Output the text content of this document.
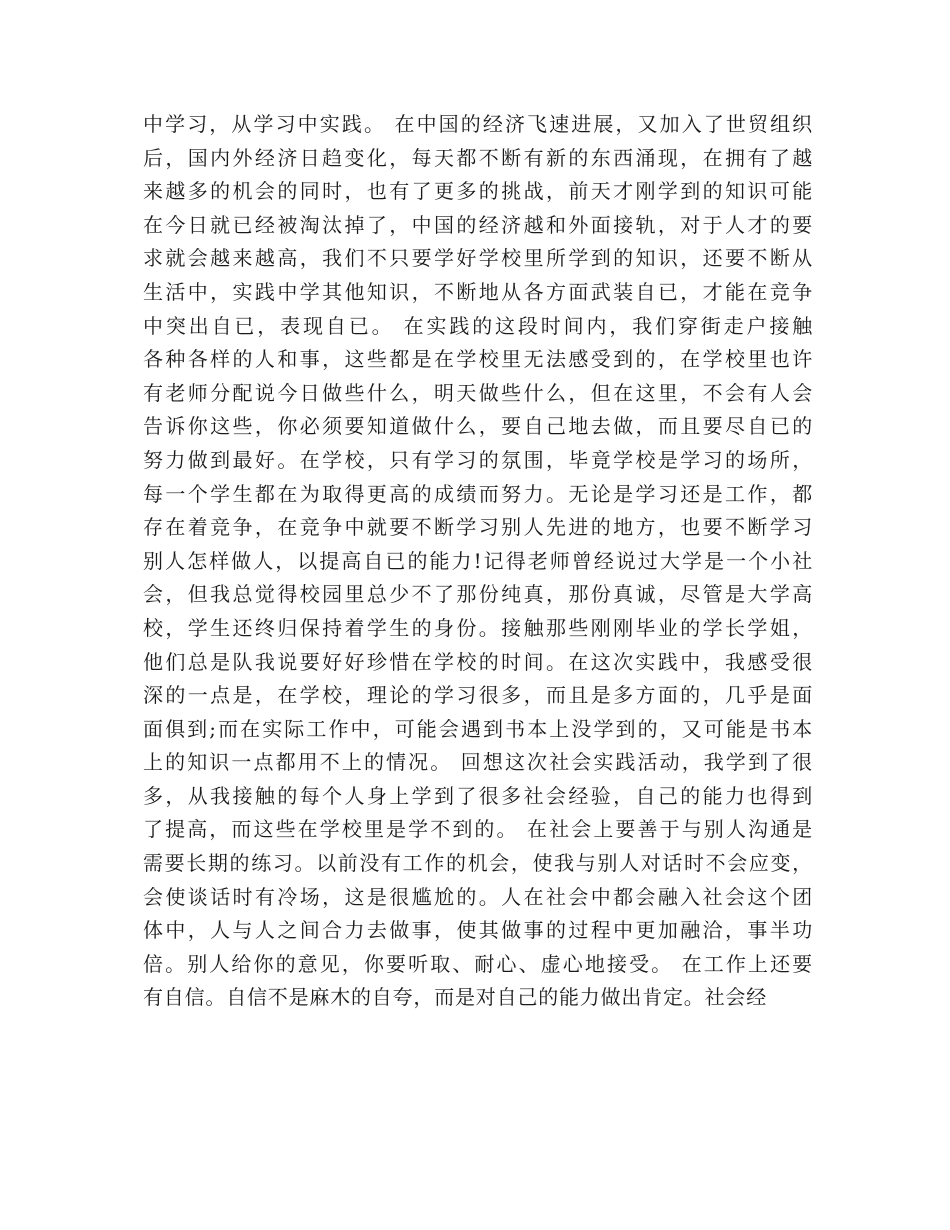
中学习，从学习中实践。 在中国的经济飞速进展，又加入了世贸组织
后，国内外经济日趋变化，每天都不断有新的东西涌现，在拥有了越
来越多的机会的同时，也有了更多的挑战，前天才刚学到的知识可能
在今日就已经被淘汰掉了，中国的经济越和外面接轨，对于人才的要
求就会越来越高，我们不只要学好学校里所学到的知识，还要不断从
生活中，实践中学其他知识，不断地从各方面武装自已，才能在竞争
中突出自已，表现自已。 在实践的这段时间内，我们穿街走户接触
各种各样的人和事，这些都是在学校里无法感受到的，在学校里也许
有老师分配说今日做些什么，明天做些什么，但在这里，不会有人会
告诉你这些，你必须要知道做什么，要自己地去做，而且要尽自已的
努力做到最好。在学校，只有学习的氛围，毕竟学校是学习的场所，
每一个学生都在为取得更高的成绩而努力。无论是学习还是工作，都
存在着竞争，在竞争中就要不断学习别人先进的地方，也要不断学习
别人怎样做人，以提高自已的能力!记得老师曾经说过大学是一个小社
会，但我总觉得校园里总少不了那份纯真，那份真诚，尽管是大学高
校，学生还终归保持着学生的身份。接触那些刚刚毕业的学长学姐，
他们总是队我说要好好珍惜在学校的时间。在这次实践中，我感受很
深的一点是，在学校，理论的学习很多，而且是多方面的，几乎是面
面俱到;而在实际工作中，可能会遇到书本上没学到的，又可能是书本
上的知识一点都用不上的情况。 回想这次社会实践活动，我学到了很
多，从我接触的每个人身上学到了很多社会经验，自己的能力也得到
了提高，而这些在学校里是学不到的。 在社会上要善于与别人沟通是
需要长期的练习。以前没有工作的机会，使我与别人对话时不会应变，
会使谈话时有冷场，这是很尴尬的。人在社会中都会融入社会这个团
体中，人与人之间合力去做事，使其做事的过程中更加融洽，事半功
倍。别人给你的意见，你要听取、耐心、虚心地接受。 在工作上还要
有自信。自信不是麻木的自夸，而是对自己的能力做出肯定。社会经
